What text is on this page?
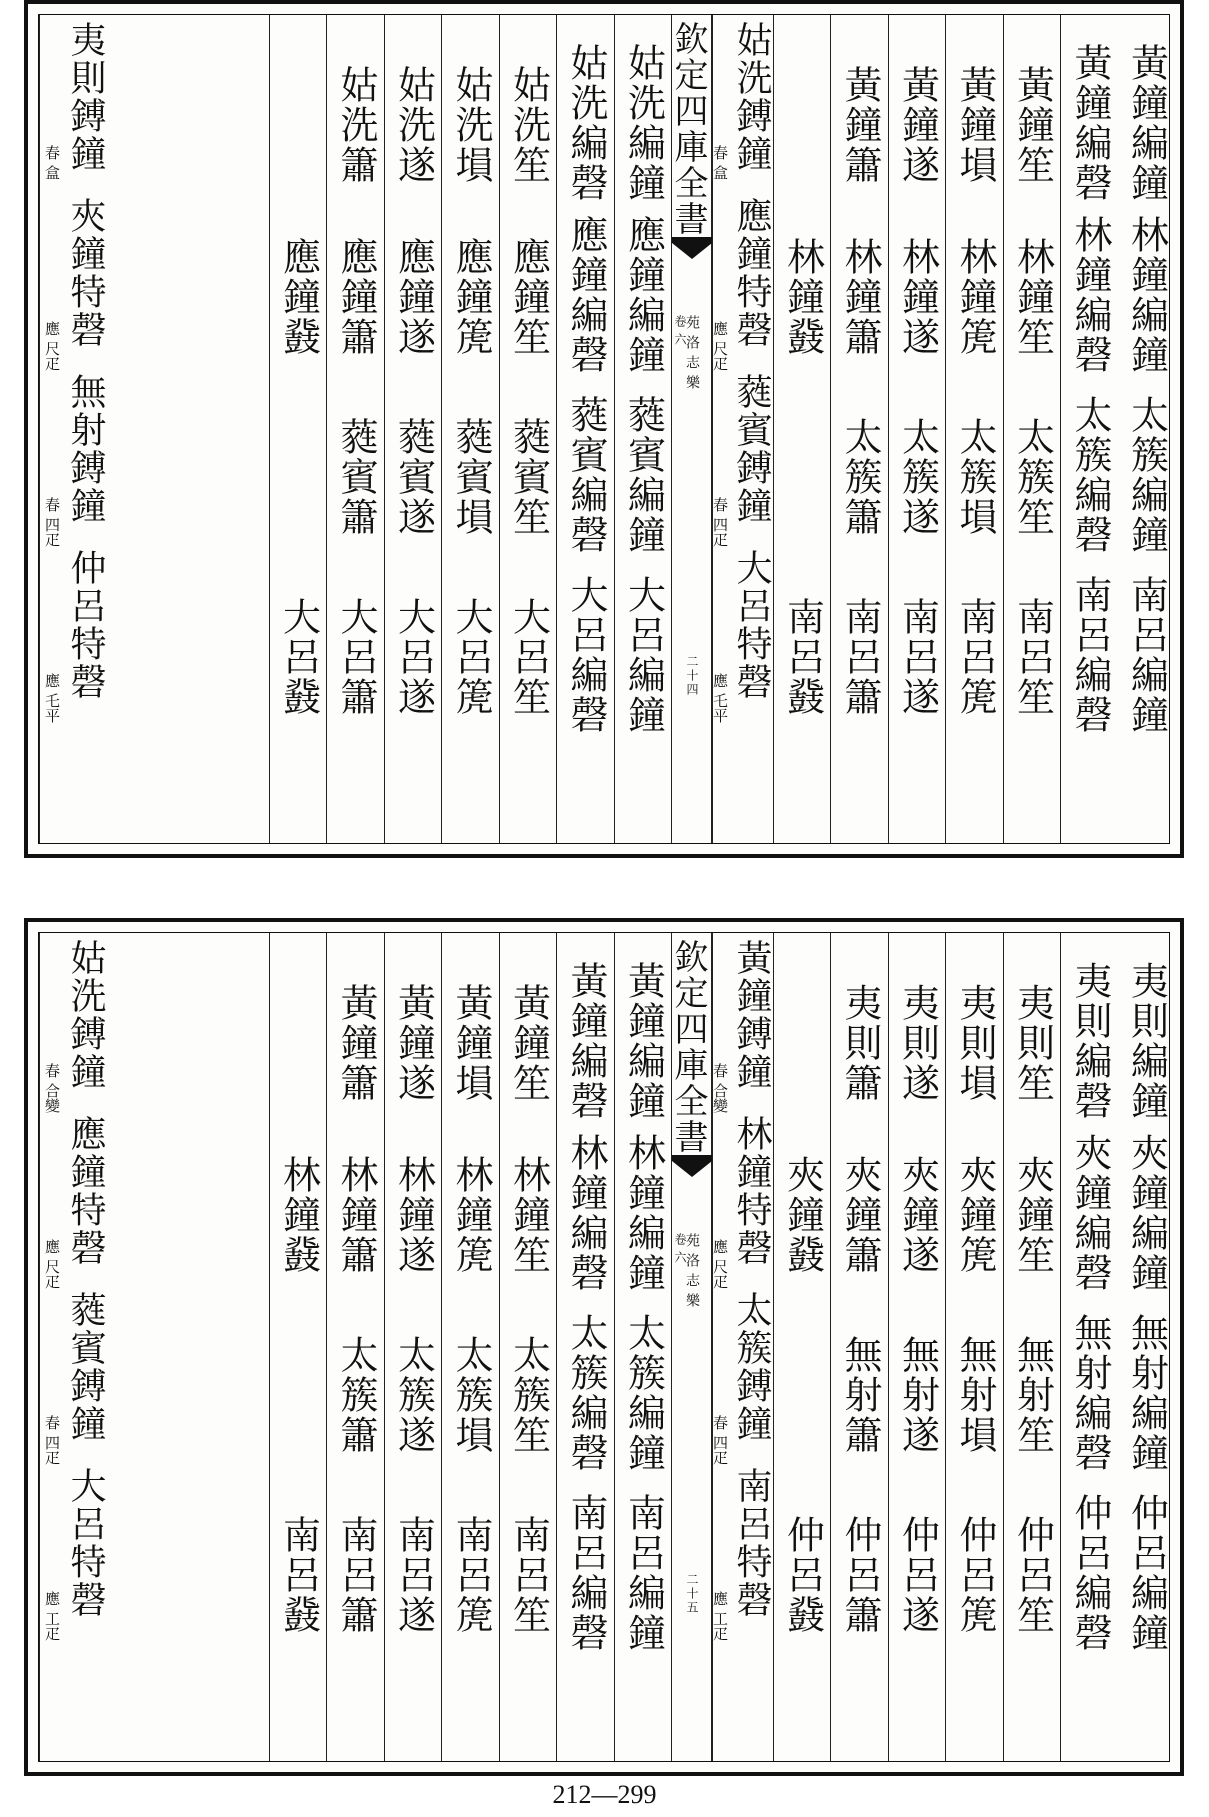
黃鐘編鐘
林鐘編鐘
太簇編鐘
南呂編鐘
黃鐘編磬
林鐘編磬
太簇編磬
南呂編磬
黃鐘笙
林鐘笙
太簇笙
南呂笙
黃鐘塤
林鐘箎
太簇塤
南呂箎
黃鐘遂
林鐘遂
太簇遂
南呂遂
黃鐘簫
林鐘簫
太簇簫
南呂簫
林鐘鼗
南呂鼗
姑洗鎛鐘
春 盒
應鐘特磬
應 尺疋
蕤賓鎛鐘
春 四疋
大呂特磬
應 乇平
欽定四庫全書
苑洛志樂
卷六
二十四
姑洗編鐘
應鐘編鐘
蕤賓編鐘
大呂編鐘
姑洗編磬
應鐘編磬
蕤賓編磬
大呂編磬
姑洗笙
應鐘笙
蕤賓笙
大呂笙
姑洗塤
應鐘箎
蕤賓塤
大呂箎
姑洗遂
應鐘遂
蕤賓遂
大呂遂
姑洗簫
應鐘簫
蕤賓簫
大呂簫
應鐘鼗
大呂鼗
夷則鎛鐘
春 盒
夾鐘特磬
應 尺疋
無射鎛鐘
春 四疋
仲呂特磬
應 乇平
夷則編鐘
夾鐘編鐘
無射編鐘
仲呂編鐘
夷則編磬
夾鐘編磬
無射編磬
仲呂編磬
夷則笙
夾鐘笙
無射笙
仲呂笙
夷則塤
夾鐘箎
無射塤
仲呂箎
夷則遂
夾鐘遂
無射遂
仲呂遂
夷則簫
夾鐘簫
無射簫
仲呂簫
夾鐘鼗
仲呂鼗
黃鐘鎛鐘
春 合變
林鐘特磬
應 尺疋
太簇鎛鐘
春 四疋
南呂特磬
應 工疋
欽定四庫全書
苑洛志樂
卷六
二十五
黃鐘編鐘
林鐘編鐘
太簇編鐘
南呂編鐘
黃鐘編磬
林鐘編磬
太簇編磬
南呂編磬
黃鐘笙
林鐘笙
太簇笙
南呂笙
黃鐘塤
林鐘箎
太簇塤
南呂箎
黃鐘遂
林鐘遂
太簇遂
南呂遂
黃鐘簫
林鐘簫
太簇簫
南呂簫
林鐘鼗
南呂鼗
姑洗鎛鐘
春 合變
應鐘特磬
應 尺疋
蕤賓鎛鐘
春 四疋
大呂特磬
應 工疋
212—299
